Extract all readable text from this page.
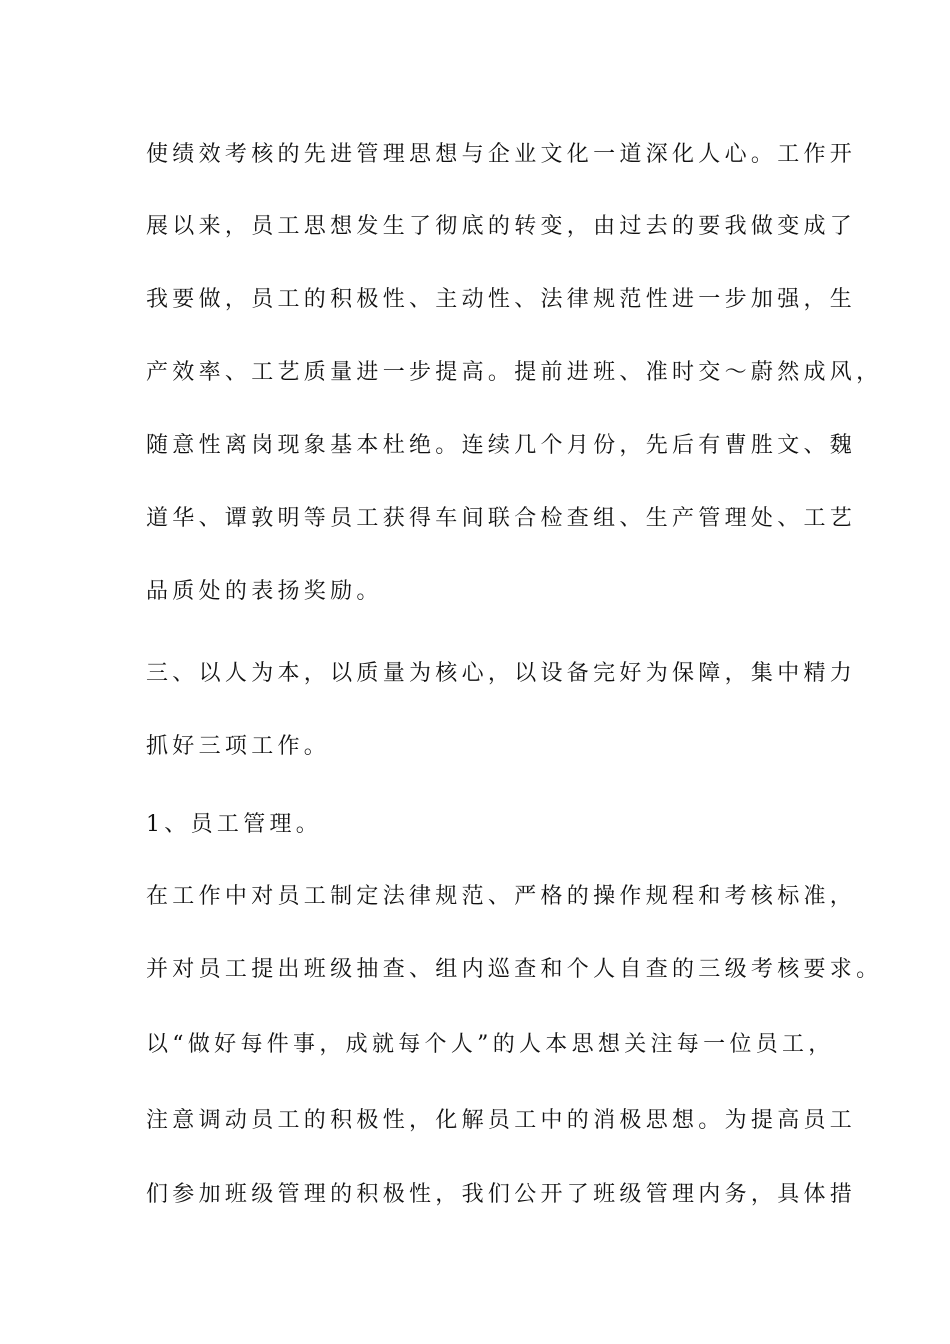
使绩效考核的先进管理思想与企业文化一道深化人心。工作开
展以来，员工思想发生了彻底的转变，由过去的要我做变成了
我要做，员工的积极性、主动性、法律规范性进一步加强，生
产效率、工艺质量进一步提高。提前进班、准时交～蔚然成风，
随意性离岗现象基本杜绝。连续几个月份，先后有曹胜文、魏
道华、谭敦明等员工获得车间联合检查组、生产管理处、工艺
品质处的表扬奖励。
三、以人为本，以质量为核心，以设备完好为保障，集中精力
抓好三项工作。
1、员工管理。
在工作中对员工制定法律规范、严格的操作规程和考核标准，
并对员工提出班级抽查、组内巡查和个人自查的三级考核要求。
以“做好每件事，成就每个人”的人本思想关注每一位员工，
注意调动员工的积极性，化解员工中的消极思想。为提高员工
们参加班级管理的积极性，我们公开了班级管理内务，具体措
